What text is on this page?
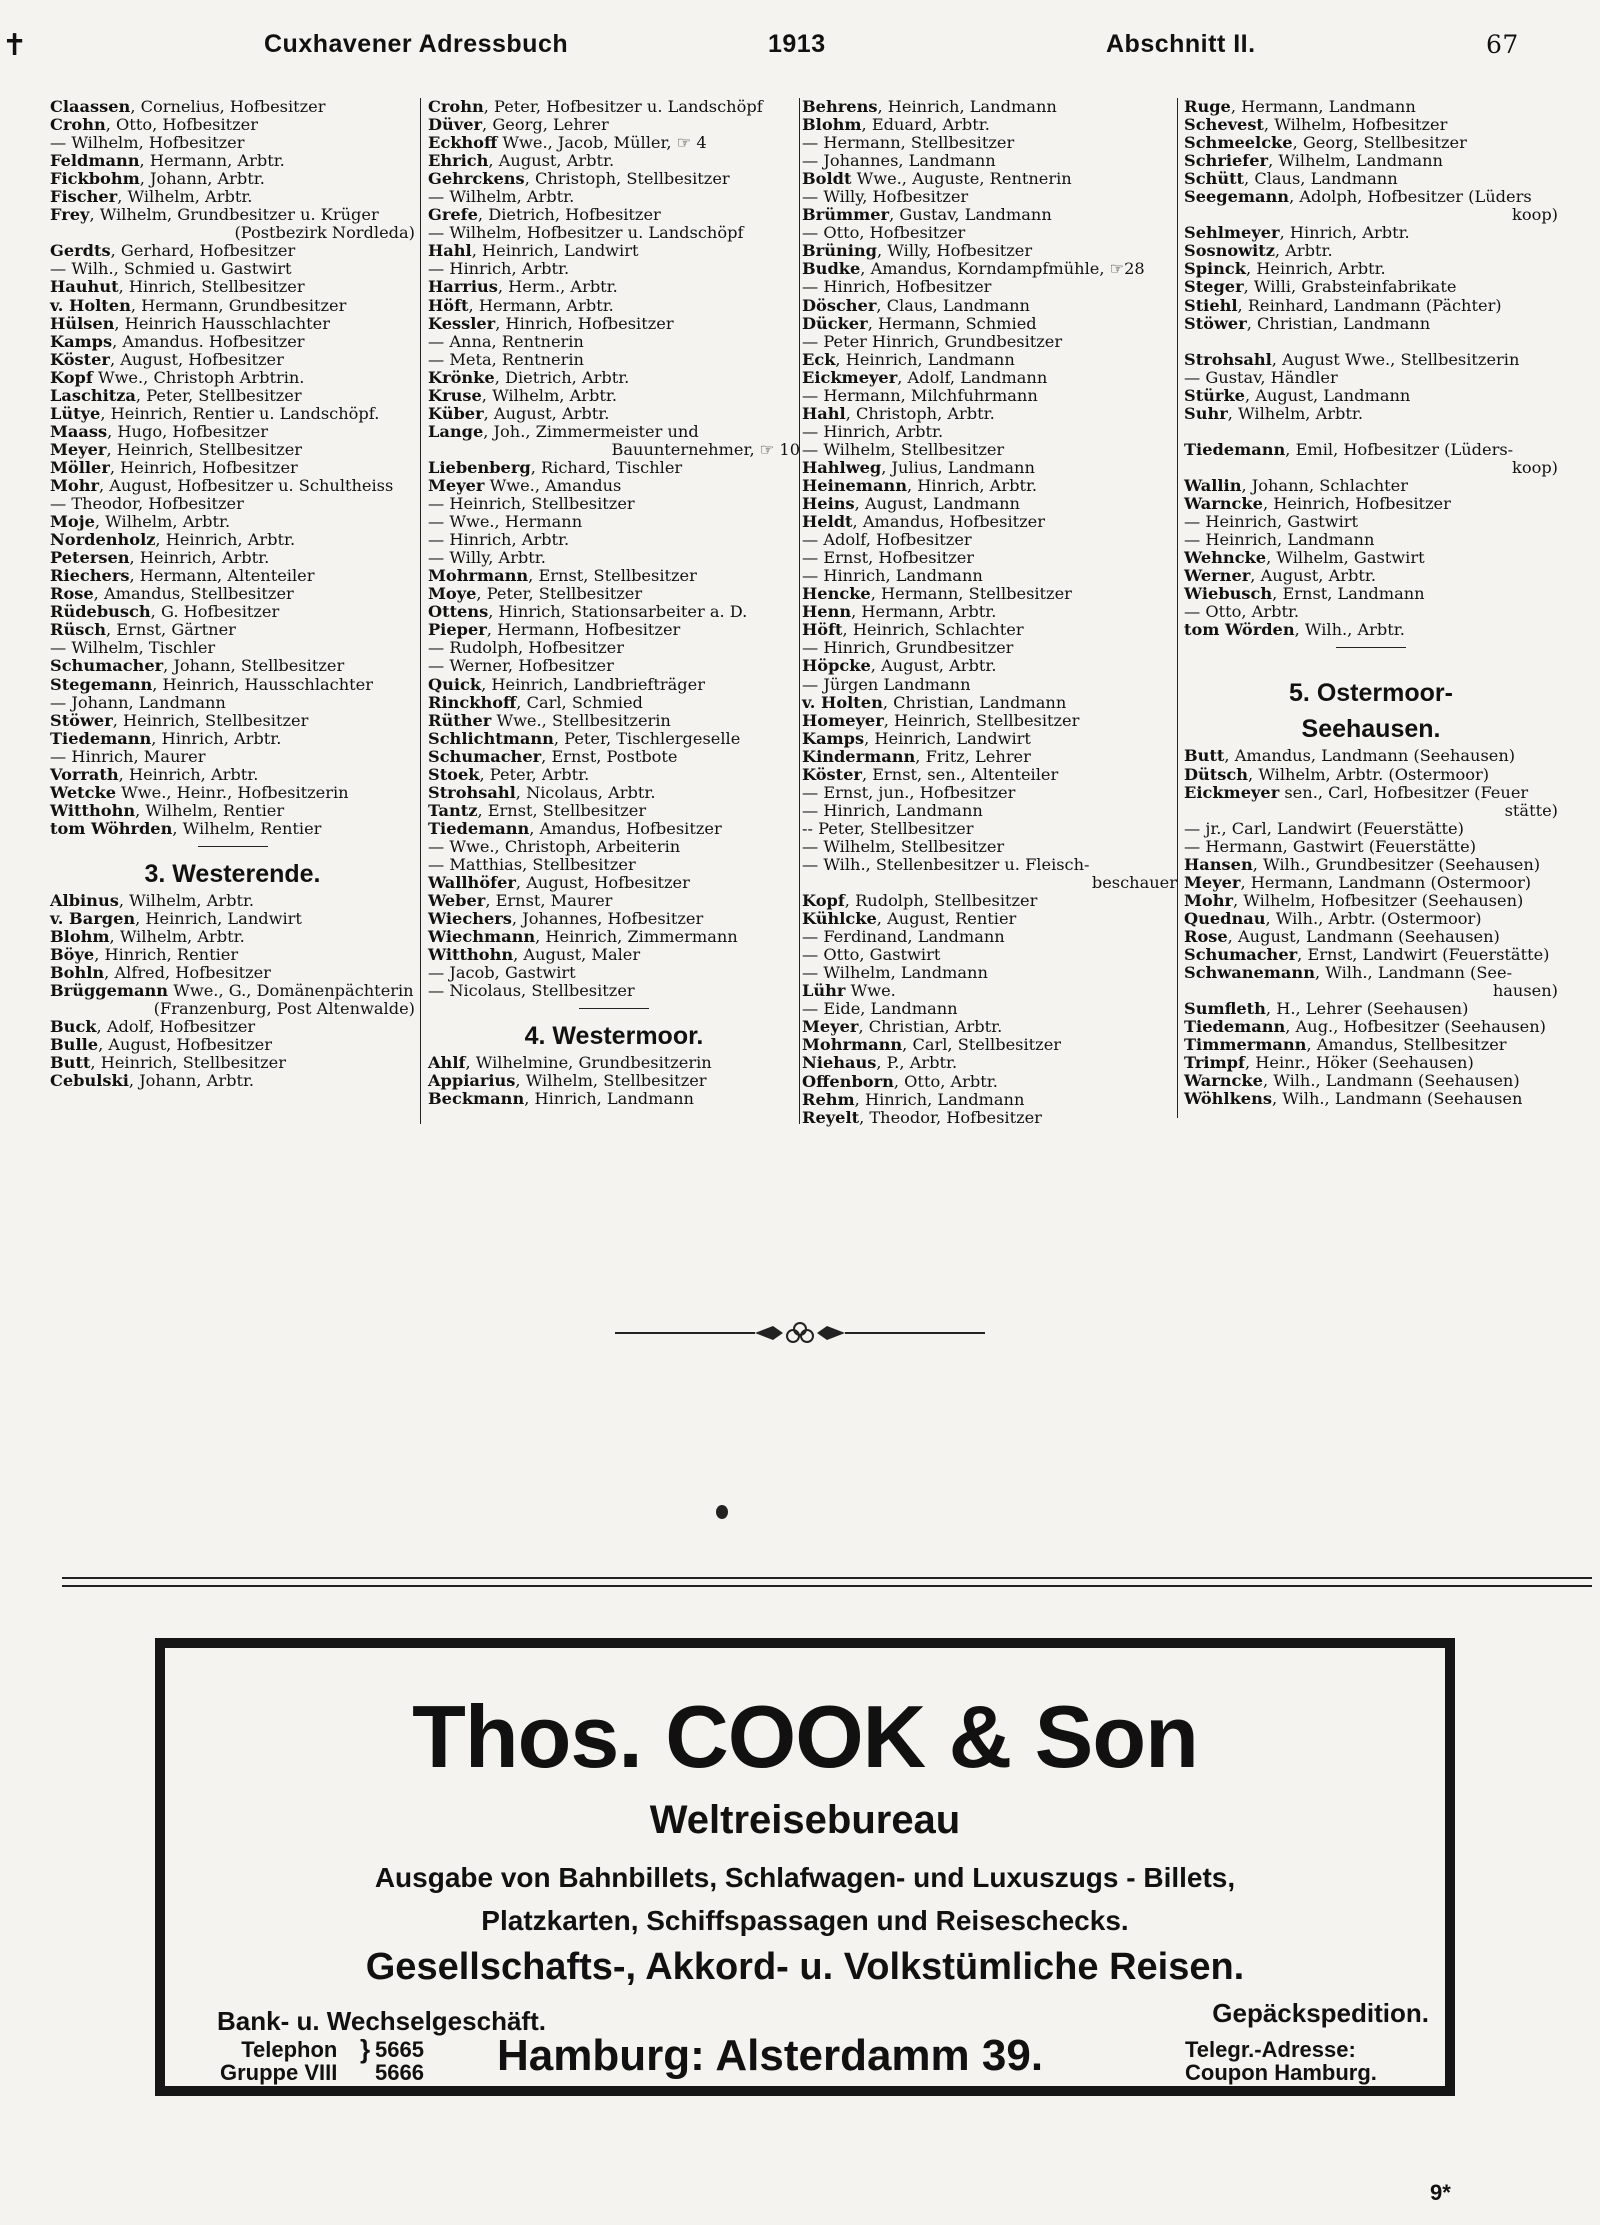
✝	Cuxhavener Adressbuch	1913	Abschnitt II.	67
Claassen, Cornelius, Hofbesitzer
Crohn, Otto, Hofbesitzer
— Wilhelm, Hofbesitzer
Feldmann, Hermann, Arbtr.
Fickbohm, Johann, Arbtr.
Fischer, Wilhelm, Arbtr.
Frey, Wilhelm, Grundbesitzer u. Krüger
(Postbezirk Nordleda)
Gerdts, Gerhard, Hofbesitzer
— Wilh., Schmied u. Gastwirt
Hauhut, Hinrich, Stellbesitzer
v. Holten, Hermann, Grundbesitzer
Hülsen, Heinrich Hausschlachter
Kamps, Amandus. Hofbesitzer
Köster, August, Hofbesitzer
Kopf Wwe., Christoph Arbtrin.
Laschitza, Peter, Stellbesitzer
Lütye, Heinrich, Rentier u. Landschöpf.
Maass, Hugo, Hofbesitzer
Meyer, Heinrich, Stellbesitzer
Möller, Heinrich, Hofbesitzer
Mohr, August, Hofbesitzer u. Schultheiss
— Theodor, Hofbesitzer
Moje, Wilhelm, Arbtr.
Nordenholz, Heinrich, Arbtr.
Petersen, Heinrich, Arbtr.
Riechers, Hermann, Altenteiler
Rose, Amandus, Stellbesitzer
Rüdebusch, G. Hofbesitzer
Rüsch, Ernst, Gärtner
— Wilhelm, Tischler
Schumacher, Johann, Stellbesitzer
Stegemann, Heinrich, Hausschlachter
— Johann, Landmann
Stöwer, Heinrich, Stellbesitzer
Tiedemann, Hinrich, Arbtr.
— Hinrich, Maurer
Vorrath, Heinrich, Arbtr.
Wetcke Wwe., Heinr., Hofbesitzerin
Witthohn, Wilhelm, Rentier
tom Wöhrden, Wilhelm, Rentier
3. Westerende.
Albinus, Wilhelm, Arbtr.
v. Bargen, Heinrich, Landwirt
Blohm, Wilhelm, Arbtr.
Böye, Hinrich, Rentier
Bohln, Alfred, Hofbesitzer
Brüggemann Wwe., G., Domänenpächterin
(Franzenburg, Post Altenwalde)
Buck, Adolf, Hofbesitzer
Bulle, August, Hofbesitzer
Butt, Heinrich, Stellbesitzer
Cebulski, Johann, Arbtr.
Crohn, Peter, Hofbesitzer u. Landschöpf
Düver, Georg, Lehrer
Eckhoff Wwe., Jacob, Müller, ☞ 4
Ehrich, August, Arbtr.
Gehrckens, Christoph, Stellbesitzer
— Wilhelm, Arbtr.
Grefe, Dietrich, Hofbesitzer
— Wilhelm, Hofbesitzer u. Landschöpf
Hahl, Heinrich, Landwirt
— Hinrich, Arbtr.
Harrius, Herm., Arbtr.
Höft, Hermann, Arbtr.
Kessler, Hinrich, Hofbesitzer
— Anna, Rentnerin
— Meta, Rentnerin
Krönke, Dietrich, Arbtr.
Kruse, Wilhelm, Arbtr.
Küber, August, Arbtr.
Lange, Joh., Zimmermeister und
Bauunternehmer, ☞ 10
Liebenberg, Richard, Tischler
Meyer Wwe., Amandus
— Heinrich, Stellbesitzer
— Wwe., Hermann
— Hinrich, Arbtr.
— Willy, Arbtr.
Mohrmann, Ernst, Stellbesitzer
Moye, Peter, Stellbesitzer
Ottens, Hinrich, Stationsarbeiter a. D.
Pieper, Hermann, Hofbesitzer
— Rudolph, Hofbesitzer
— Werner, Hofbesitzer
Quick, Heinrich, Landbriefträger
Rinckhoff, Carl, Schmied
Rüther Wwe., Stellbesitzerin
Schlichtmann, Peter, Tischlergeselle
Schumacher, Ernst, Postbote
Stoek, Peter, Arbtr.
Strohsahl, Nicolaus, Arbtr.
Tantz, Ernst, Stellbesitzer
Tiedemann, Amandus, Hofbesitzer
— Wwe., Christoph, Arbeiterin
— Matthias, Stellbesitzer
Wallhöfer, August, Hofbesitzer
Weber, Ernst, Maurer
Wiechers, Johannes, Hofbesitzer
Wiechmann, Heinrich, Zimmermann
Witthohn, August, Maler
— Jacob, Gastwirt
— Nicolaus, Stellbesitzer
4. Westermoor.
Ahlf, Wilhelmine, Grundbesitzerin
Appiarius, Wilhelm, Stellbesitzer
Beckmann, Hinrich, Landmann
Behrens, Heinrich, Landmann
Blohm, Eduard, Arbtr.
— Hermann, Stellbesitzer
— Johannes, Landmann
Boldt Wwe., Auguste, Rentnerin
— Willy, Hofbesitzer
Brümmer, Gustav, Landmann
— Otto, Hofbesitzer
Brüning, Willy, Hofbesitzer
Budke, Amandus, Korndampfmühle, ☞28
— Hinrich, Hofbesitzer
Döscher, Claus, Landmann
Dücker, Hermann, Schmied
— Peter Hinrich, Grundbesitzer
Eck, Heinrich, Landmann
Eickmeyer, Adolf, Landmann
— Hermann, Milchfuhrmann
Hahl, Christoph, Arbtr.
— Hinrich, Arbtr.
— Wilhelm, Stellbesitzer
Hahlweg, Julius, Landmann
Heinemann, Hinrich, Arbtr.
Heins, August, Landmann
Heldt, Amandus, Hofbesitzer
— Adolf, Hofbesitzer
— Ernst, Hofbesitzer
— Hinrich, Landmann
Hencke, Hermann, Stellbesitzer
Henn, Hermann, Arbtr.
Höft, Heinrich, Schlachter
— Hinrich, Grundbesitzer
Höpcke, August, Arbtr.
— Jürgen Landmann
v. Holten, Christian, Landmann
Homeyer, Heinrich, Stellbesitzer
Kamps, Heinrich, Landwirt
Kindermann, Fritz, Lehrer
Köster, Ernst, sen., Altenteiler
— Ernst, jun., Hofbesitzer
— Hinrich, Landmann
-- Peter, Stellbesitzer
— Wilhelm, Stellbesitzer
— Wilh., Stellenbesitzer u. Fleisch-
beschauer
Kopf, Rudolph, Stellbesitzer
Kühlcke, August, Rentier
— Ferdinand, Landmann
— Otto, Gastwirt
— Wilhelm, Landmann
Lühr Wwe.
— Eide, Landmann
Meyer, Christian, Arbtr.
Mohrmann, Carl, Stellbesitzer
Niehaus, P., Arbtr.
Offenborn, Otto, Arbtr.
Rehm, Hinrich, Landmann
Reyelt, Theodor, Hofbesitzer
Ruge, Hermann, Landmann
Schevest, Wilhelm, Hofbesitzer
Schmeelcke, Georg, Stellbesitzer
Schriefer, Wilhelm, Landmann
Schütt, Claus, Landmann
Seegemann, Adolph, Hofbesitzer (Lüders
koop)
Sehlmeyer, Hinrich, Arbtr.
Sosnowitz, Arbtr.
Spinck, Heinrich, Arbtr.
Steger, Willi, Grabsteinfabrikate
Stiehl, Reinhard, Landmann (Pächter)
Stöwer, Christian, Landmann
Strohsahl, August Wwe., Stellbesitzerin
— Gustav, Händler
Stürke, August, Landmann
Suhr, Wilhelm, Arbtr.
Tiedemann, Emil, Hofbesitzer (Lüders-
koop)
Wallin, Johann, Schlachter
Warncke, Heinrich, Hofbesitzer
— Heinrich, Gastwirt
— Heinrich, Landmann
Wehncke, Wilhelm, Gastwirt
Werner, August, Arbtr.
Wiebusch, Ernst, Landmann
— Otto, Arbtr.
tom Wörden, Wilh., Arbtr.
5. Ostermoor-
Seehausen.
Butt, Amandus, Landmann (Seehausen)
Dütsch, Wilhelm, Arbtr. (Ostermoor)
Eickmeyer sen., Carl, Hofbesitzer (Feuer
stätte)
— jr., Carl, Landwirt (Feuerstätte)
— Hermann, Gastwirt (Feuerstätte)
Hansen, Wilh., Grundbesitzer (Seehausen)
Meyer, Hermann, Landmann (Ostermoor)
Mohr, Wilhelm, Hofbesitzer (Seehausen)
Quednau, Wilh., Arbtr. (Ostermoor)
Rose, August, Landmann (Seehausen)
Schumacher, Ernst, Landwirt (Feuerstätte)
Schwanemann, Wilh., Landmann (See-
hausen)
Sumfleth, H., Lehrer (Seehausen)
Tiedemann, Aug., Hofbesitzer (Seehausen)
Timmermann, Amandus, Stellbesitzer
Trimpf, Heinr., Höker (Seehausen)
Warncke, Wilh., Landmann (Seehausen)
Wöhlkens, Wilh., Landmann (Seehausen
Thos. COOK & Son
Weltreisebureau
Ausgabe von Bahnbillets, Schlafwagen- und Luxuszugs - Billets,
Platzkarten, Schiffspassagen und Reiseschecks.
Gesellschafts-, Akkord- u. Volkstümliche Reisen.
Bank- u. Wechselgeschäft.	Gepäckspedition.
Telephon
Gruppe VIII
} 5665
5666 Hamburg: Alsterdamm 39.	Telegr.-Adresse:
Coupon Hamburg.
9*
